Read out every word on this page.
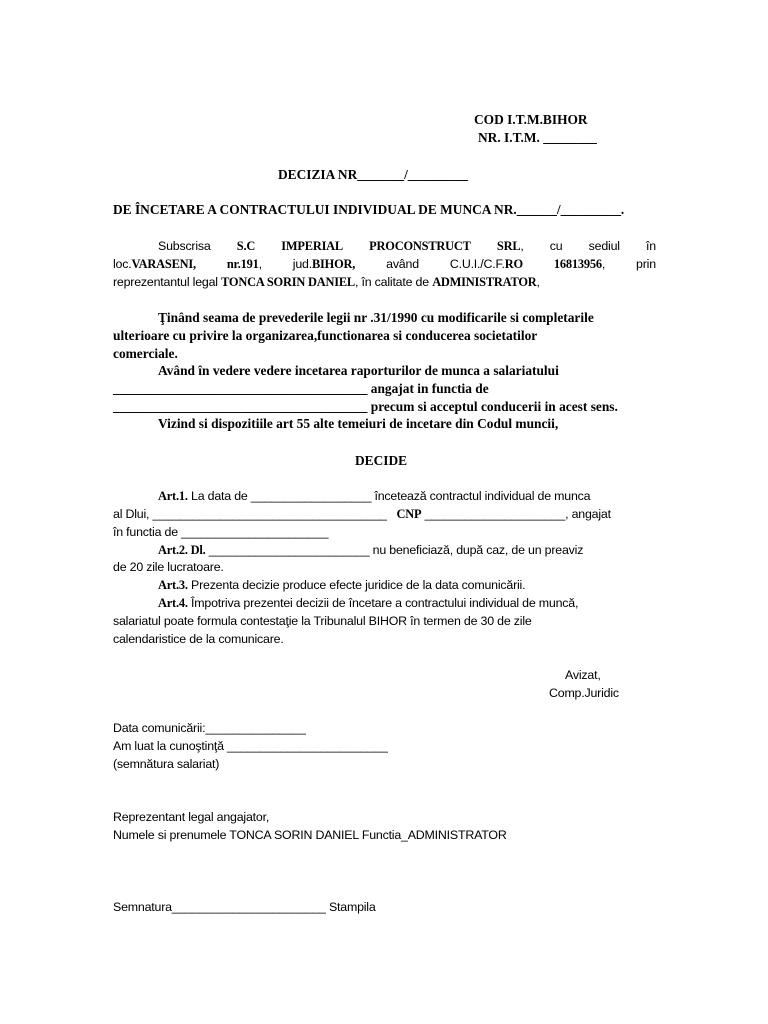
COD I.T.M.BIHOR
NR. I.T.M. ________
DECIZIA NR_______/_________
DE ÎNCETARE A CONTRACTULUI INDIVIDUAL DE MUNCA NR.______/_________.
Subscrisa S.C IMPERIAL PROCONSTRUCT SRL, cu sediul în
loc.VARASENI, nr.191, jud.BIHOR, având C.U.I./C.F.RO 16813956, prin
reprezentantul legal TONCA SORIN DANIEL, în calitate de ADMINISTRATOR,
Ţinând seama de prevederile legii nr .31/1990 cu modificarile si completarile
ulterioare cu privire la organizarea,functionarea si conducerea societatilor
comerciale.
Având în vedere vedere incetarea raporturilor de munca a salariatului
______________________________________ angajat in functia de
______________________________________ precum si acceptul conducerii in acest sens.
Vizind si dispozitiile art 55 alte temeiuri de incetare din Codul muncii,
DECIDE
Art.1. La data de __________________ încetează contractul individual de munca
al Dlui, ___________________________________ CNP _____________________, angajat
în functia de ______________________
Art.2. Dl. ________________________ nu beneficiază, după caz, de un preaviz
de 20 zile lucratoare.
Art.3. Prezenta decizie produce efecte juridice de la data comunicării.
Art.4. Împotriva prezentei decizii de încetare a contractului individual de muncă,
salariatul poate formula contestaţie la Tribunalul BIHOR în termen de 30 de zile
calendaristice de la comunicare.
Avizat,
Comp.Juridic
Data comunicării:_______________
Am luat la cunoştinţă ________________________
(semnătura salariat)
Reprezentant legal angajator,
Numele si prenumele TONCA SORIN DANIEL Functia_ADMINISTRATOR
Semnatura_______________________ Stampila
